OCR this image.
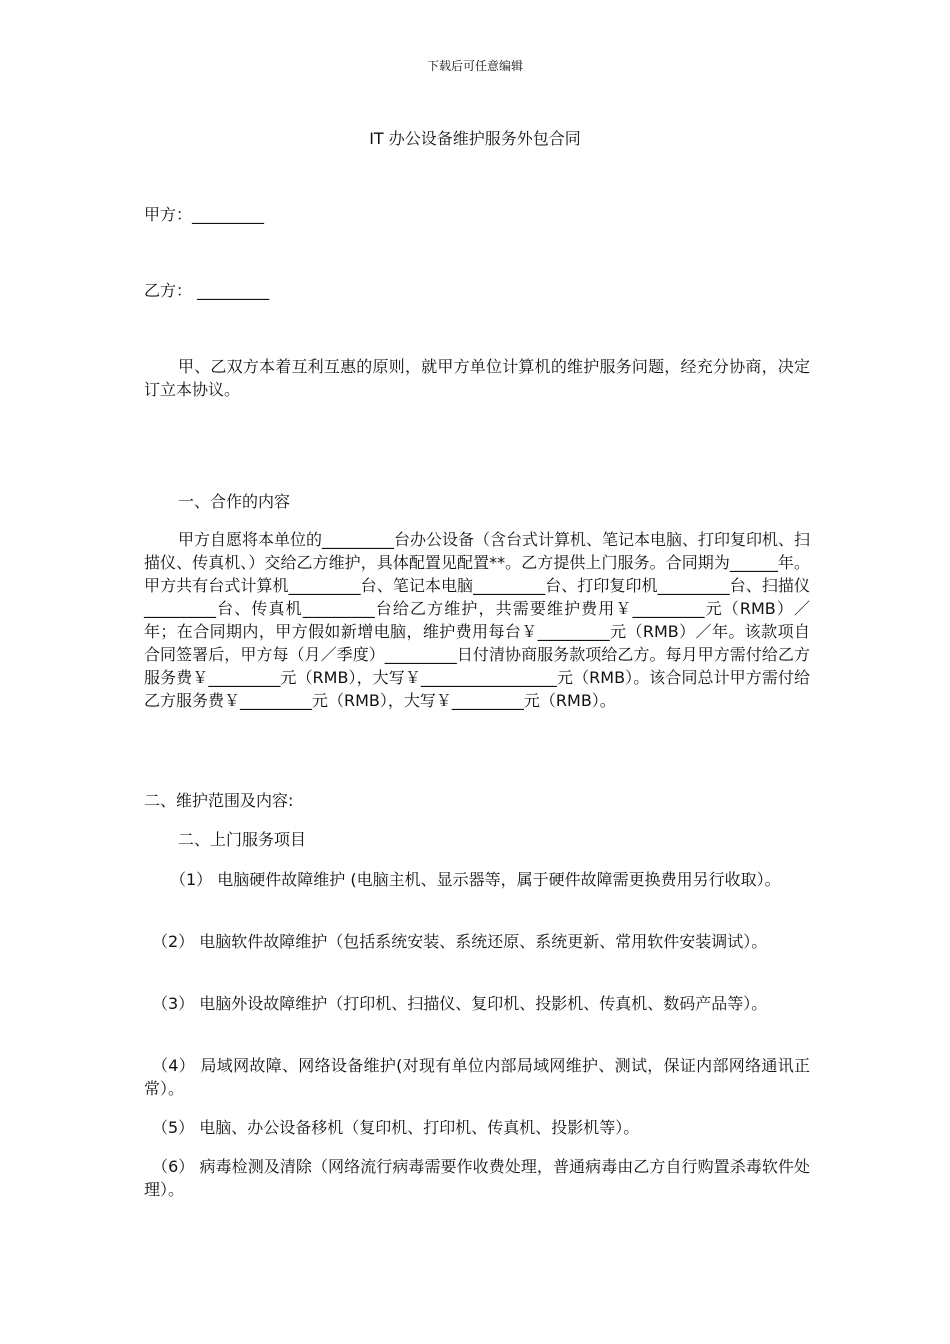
下载后可任意编辑
IT 办公设备维护服务外包合同
甲方：_________
乙方： _________
甲、乙双方本着互利互惠的原则，就甲方单位计算机的维护服务问题，经充分协商，决定订立本协议。
一、合作的内容
甲方自愿将本单位的_________台办公设备（含台式计算机、笔记本电脑、打印复印机、扫描仪、传真机、）交给乙方维护，具体配置见配置**。乙方提供上门服务。合同期为______年。甲方共有台式计算机_________台、笔记本电脑_________台、打印复印机_________台、扫描仪_________台、传真机_________台给乙方维护，共需要维护费用￥_________元（RMB）／年；在合同期内，甲方假如新增电脑，维护费用每台￥_________元（RMB）／年。该款项自合同签署后，甲方每（月／季度）_________日付清协商服务款项给乙方。每月甲方需付给乙方服务费￥_________元（RMB），大写￥_________________元（RMB）。该合同总计甲方需付给乙方服务费￥_________元（RMB），大写￥_________元（RMB）。
二、维护范围及内容:
二、上门服务项目
（1） 电脑硬件故障维护 (电脑主机、显示器等，属于硬件故障需更换费用另行收取）。
（2） 电脑软件故障维护（包括系统安装、系统还原、系统更新、常用软件安装调试）。
（3） 电脑外设故障维护（打印机、扫描仪、复印机、投影机、传真机、数码产品等）。
（4） 局域网故障、网络设备维护(对现有单位内部局域网维护、测试，保证内部网络通讯正常）。
（5） 电脑、办公设备移机（复印机、打印机、传真机、投影机等）。
（6） 病毒检测及清除（网络流行病毒需要作收费处理，普通病毒由乙方自行购置杀毒软件处理）。
